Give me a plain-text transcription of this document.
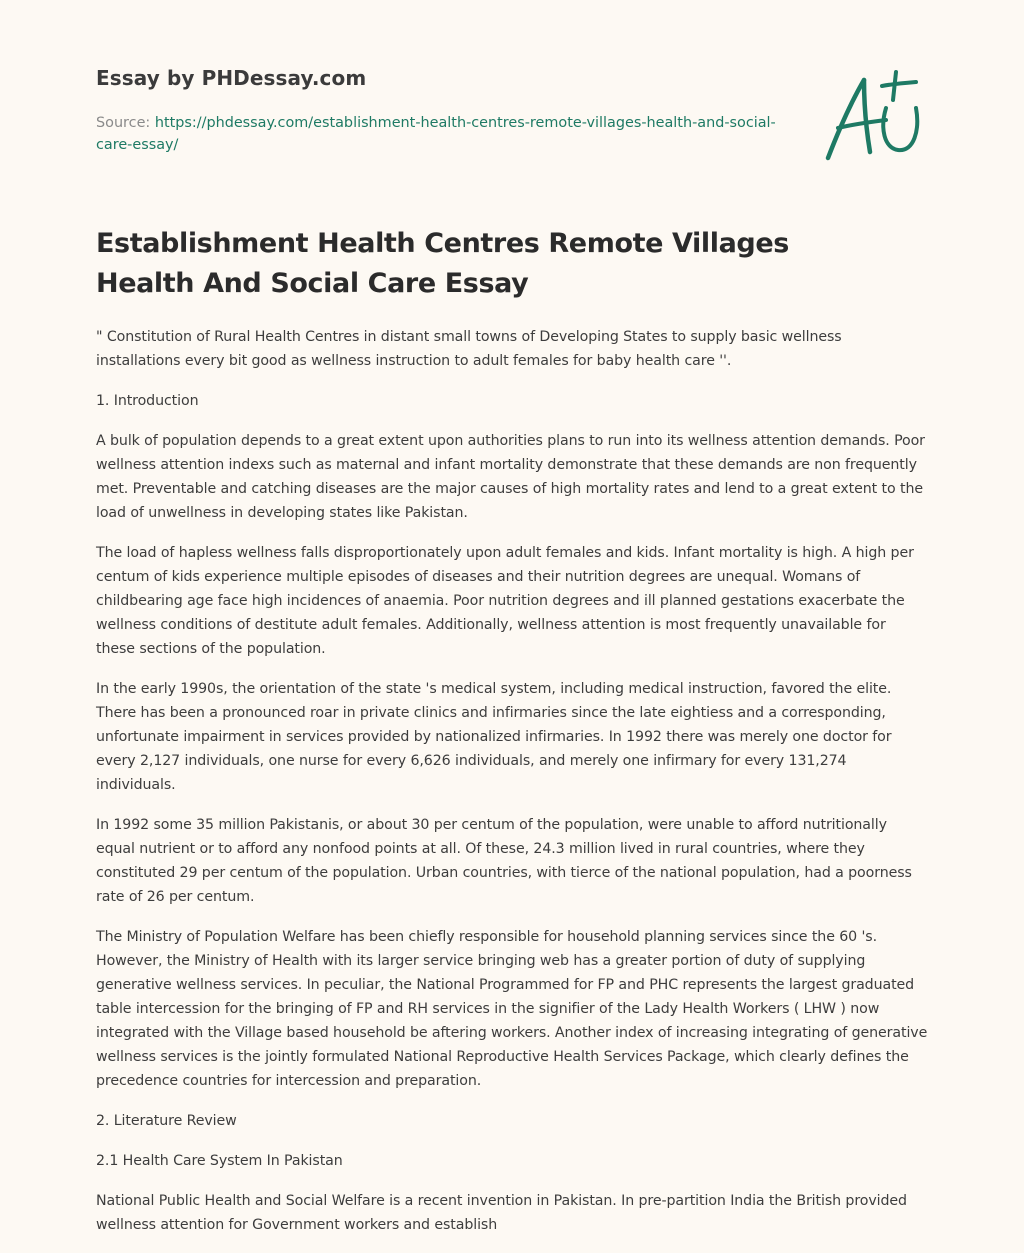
Essay by PHDessay.com
Source: https://phdessay.com/establishment-health-centres-remote-villages-health-and-social-care-essay/
Establishment Health Centres Remote Villages Health And Social Care Essay

" Constitution of Rural Health Centres in distant small towns of Developing States to supply basic wellness installations every bit good as wellness instruction to adult females for baby health care ''.

1. Introduction

A bulk of population depends to a great extent upon authorities plans to run into its wellness attention demands. Poor wellness attention indexs such as maternal and infant mortality demonstrate that these demands are non frequently met. Preventable and catching diseases are the major causes of high mortality rates and lend to a great extent to the load of unwellness in developing states like Pakistan.

The load of hapless wellness falls disproportionately upon adult females and kids. Infant mortality is high. A high per centum of kids experience multiple episodes of diseases and their nutrition degrees are unequal. Womans of childbearing age face high incidences of anaemia. Poor nutrition degrees and ill planned gestations exacerbate the wellness conditions of destitute adult females. Additionally, wellness attention is most frequently unavailable for these sections of the population.

In the early 1990s, the orientation of the state 's medical system, including medical instruction, favored the elite. There has been a pronounced roar in private clinics and infirmaries since the late eightiess and a corresponding, unfortunate impairment in services provided by nationalized infirmaries. In 1992 there was merely one doctor for every 2,127 individuals, one nurse for every 6,626 individuals, and merely one infirmary for every 131,274 individuals.

In 1992 some 35 million Pakistanis, or about 30 per centum of the population, were unable to afford nutritionally equal nutrient or to afford any nonfood points at all. Of these, 24.3 million lived in rural countries, where they constituted 29 per centum of the population. Urban countries, with tierce of the national population, had a poorness rate of 26 per centum.

The Ministry of Population Welfare has been chiefly responsible for household planning services since the 60 's. However, the Ministry of Health with its larger service bringing web has a greater portion of duty of supplying generative wellness services. In peculiar, the National Programmed for FP and PHC represents the largest graduated table intercession for the bringing of FP and RH services in the signifier of the Lady Health Workers ( LHW ) now integrated with the Village based household be aftering workers. Another index of increasing integrating of generative wellness services is the jointly formulated National Reproductive Health Services Package, which clearly defines the precedence countries for intercession and preparation.

2. Literature Review

2.1 Health Care System In Pakistan

National Public Health and Social Welfare is a recent invention in Pakistan. In pre-partition India the British provided wellness attention for Government workers and establish
